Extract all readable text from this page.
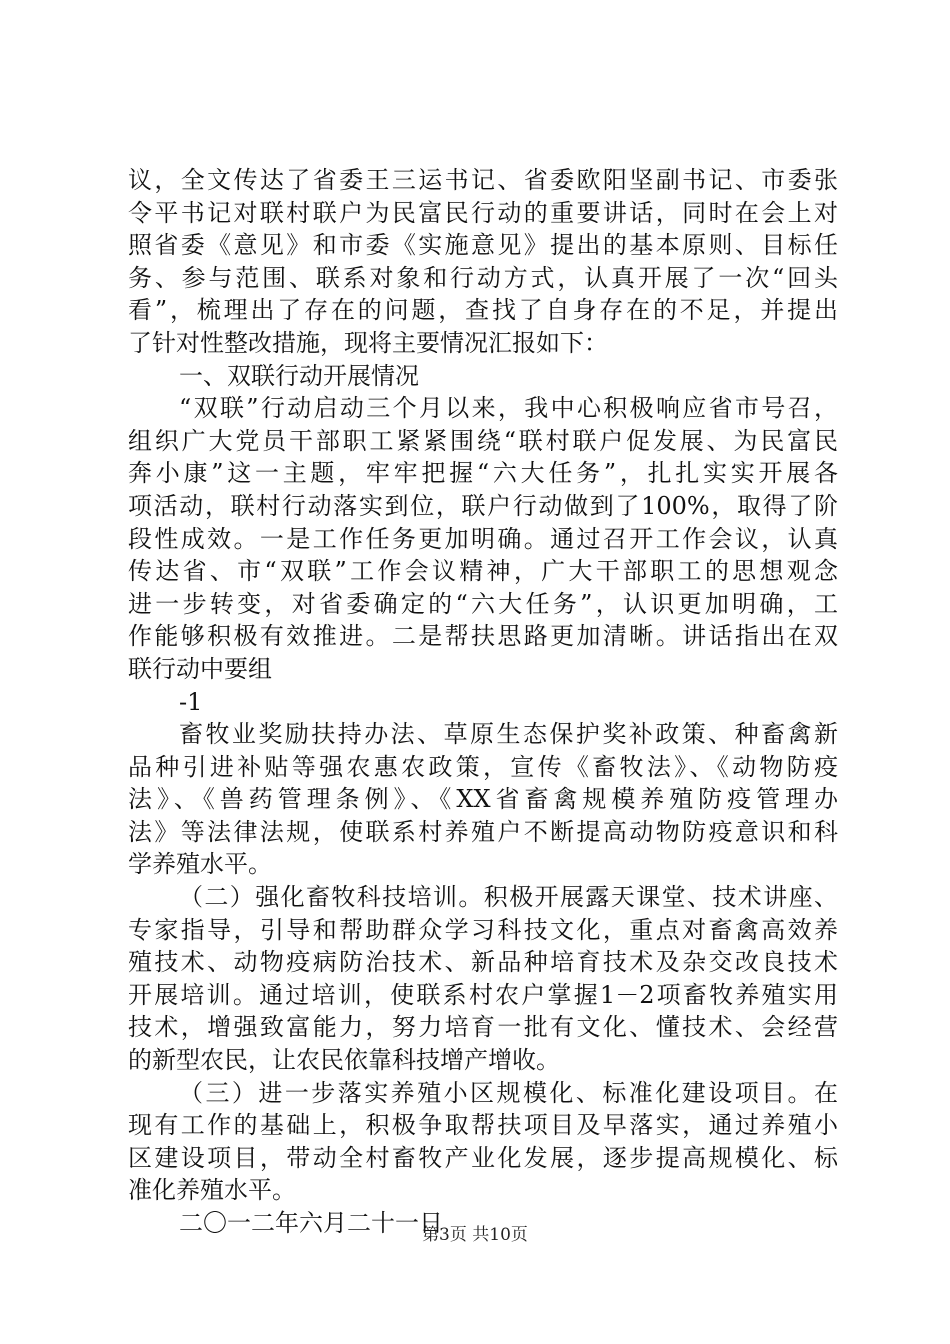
议，全文传达了省委王三运书记、省委欧阳坚副书记、市委张
令平书记对联村联户为民富民行动的重要讲话，同时在会上对
照省委《意见》和市委《实施意见》提出的基本原则、目标任
务、参与范围、联系对象和行动方式，认真开展了一次“回头
看”，梳理出了存在的问题，查找了自身存在的不足，并提出
了针对性整改措施，现将主要情况汇报如下：
一、双联行动开展情况
“双联”行动启动三个月以来，我中心积极响应省市号召，
组织广大党员干部职工紧紧围绕“联村联户促发展、为民富民
奔小康”这一主题，牢牢把握“六大任务”，扎扎实实开展各
项活动，联村行动落实到位，联户行动做到了100%，取得了阶
段性成效。一是工作任务更加明确。通过召开工作会议，认真
传达省、市“双联”工作会议精神，广大干部职工的思想观念
进一步转变，对省委确定的“六大任务”，认识更加明确，工
作能够积极有效推进。二是帮扶思路更加清晰。讲话指出在双
联行动中要组
-1
畜牧业奖励扶持办法、草原生态保护奖补政策、种畜禽新
品种引进补贴等强农惠农政策，宣传《畜牧法》、《动物防疫
法》、《兽药管理条例》、《XX省畜禽规模养殖防疫管理办
法》等法律法规，使联系村养殖户不断提高动物防疫意识和科
学养殖水平。
（二）强化畜牧科技培训。积极开展露天课堂、技术讲座、
专家指导，引导和帮助群众学习科技文化，重点对畜禽高效养
殖技术、动物疫病防治技术、新品种培育技术及杂交改良技术
开展培训。通过培训，使联系村农户掌握1－2项畜牧养殖实用
技术，增强致富能力，努力培育一批有文化、懂技术、会经营
的新型农民，让农民依靠科技增产增收。
（三）进一步落实养殖小区规模化、标准化建设项目。在
现有工作的基础上，积极争取帮扶项目及早落实，通过养殖小
区建设项目，带动全村畜牧产业化发展，逐步提高规模化、标
准化养殖水平。
二〇一二年六月二十一日
第3页 共10页
